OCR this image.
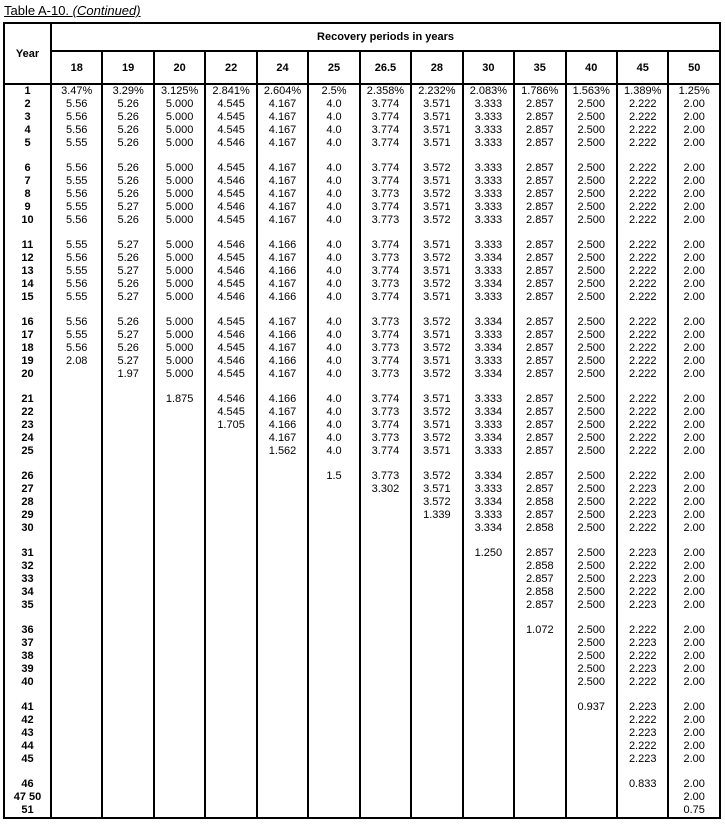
Table A-10. (Continued)
Year	Recovery periods in years												
	18	19	20	22	24	25	26.5	28	30	35	40	45	50
1	3.47%	3.29%	3.125%	2.841%	2.604%	2.5%	2.358%	2.232%	2.083%	1.786%	1.563%	1.389%	1.25%
2	5.56	5.26	5.000	4.545	4.167	4.0	3.774	3.571	3.333	2.857	2.500	2.222	2.00
3	5.56	5.26	5.000	4.545	4.167	4.0	3.774	3.571	3.333	2.857	2.500	2.222	2.00
4	5.56	5.26	5.000	4.545	4.167	4.0	3.774	3.571	3.333	2.857	2.500	2.222	2.00
5	5.55	5.26	5.000	4.546	4.167	4.0	3.774	3.571	3.333	2.857	2.500	2.222	2.00

6	5.56	5.26	5.000	4.545	4.167	4.0	3.774	3.572	3.333	2.857	2.500	2.222	2.00
7	5.55	5.26	5.000	4.546	4.167	4.0	3.774	3.571	3.333	2.857	2.500	2.222	2.00
8	5.56	5.26	5.000	4.545	4.167	4.0	3.773	3.572	3.333	2.857	2.500	2.222	2.00
9	5.55	5.27	5.000	4.546	4.167	4.0	3.774	3.571	3.333	2.857	2.500	2.222	2.00
10	5.56	5.26	5.000	4.545	4.167	4.0	3.773	3.572	3.333	2.857	2.500	2.222	2.00

11	5.55	5.27	5.000	4.546	4.166	4.0	3.774	3.571	3.333	2.857	2.500	2.222	2.00
12	5.56	5.26	5.000	4.545	4.167	4.0	3.773	3.572	3.334	2.857	2.500	2.222	2.00
13	5.55	5.27	5.000	4.546	4.166	4.0	3.774	3.571	3.333	2.857	2.500	2.222	2.00
14	5.56	5.26	5.000	4.545	4.167	4.0	3.773	3.572	3.334	2.857	2.500	2.222	2.00
15	5.55	5.27	5.000	4.546	4.166	4.0	3.774	3.571	3.333	2.857	2.500	2.222	2.00

16	5.56	5.26	5.000	4.545	4.167	4.0	3.773	3.572	3.334	2.857	2.500	2.222	2.00
17	5.55	5.27	5.000	4.546	4.166	4.0	3.774	3.571	3.333	2.857	2.500	2.222	2.00
18	5.56	5.26	5.000	4.545	4.167	4.0	3.773	3.572	3.334	2.857	2.500	2.222	2.00
19	2.08	5.27	5.000	4.546	4.166	4.0	3.774	3.571	3.333	2.857	2.500	2.222	2.00
20		1.97	5.000	4.545	4.167	4.0	3.773	3.572	3.334	2.857	2.500	2.222	2.00

21			1.875	4.546	4.166	4.0	3.774	3.571	3.333	2.857	2.500	2.222	2.00
22				4.545	4.167	4.0	3.773	3.572	3.334	2.857	2.500	2.222	2.00
23				1.705	4.166	4.0	3.774	3.571	3.333	2.857	2.500	2.222	2.00
24					4.167	4.0	3.773	3.572	3.334	2.857	2.500	2.222	2.00
25					1.562	4.0	3.774	3.571	3.333	2.857	2.500	2.222	2.00

26						1.5	3.773	3.572	3.334	2.857	2.500	2.222	2.00
27							3.302	3.571	3.333	2.857	2.500	2.223	2.00
28								3.572	3.334	2.858	2.500	2.222	2.00
29								1.339	3.333	2.857	2.500	2.223	2.00
30									3.334	2.858	2.500	2.222	2.00

31									1.250	2.857	2.500	2.223	2.00
32										2.858	2.500	2.222	2.00
33										2.857	2.500	2.223	2.00
34										2.858	2.500	2.222	2.00
35										2.857	2.500	2.223	2.00

36										1.072	2.500	2.222	2.00
37											2.500	2.223	2.00
38											2.500	2.222	2.00
39											2.500	2.223	2.00
40											2.500	2.222	2.00

41											0.937	2.223	2.00
42												2.222	2.00
43												2.223	2.00
44												2.222	2.00
45												2.223	2.00

46												0.833	2.00
47 50													2.00
51													0.75
